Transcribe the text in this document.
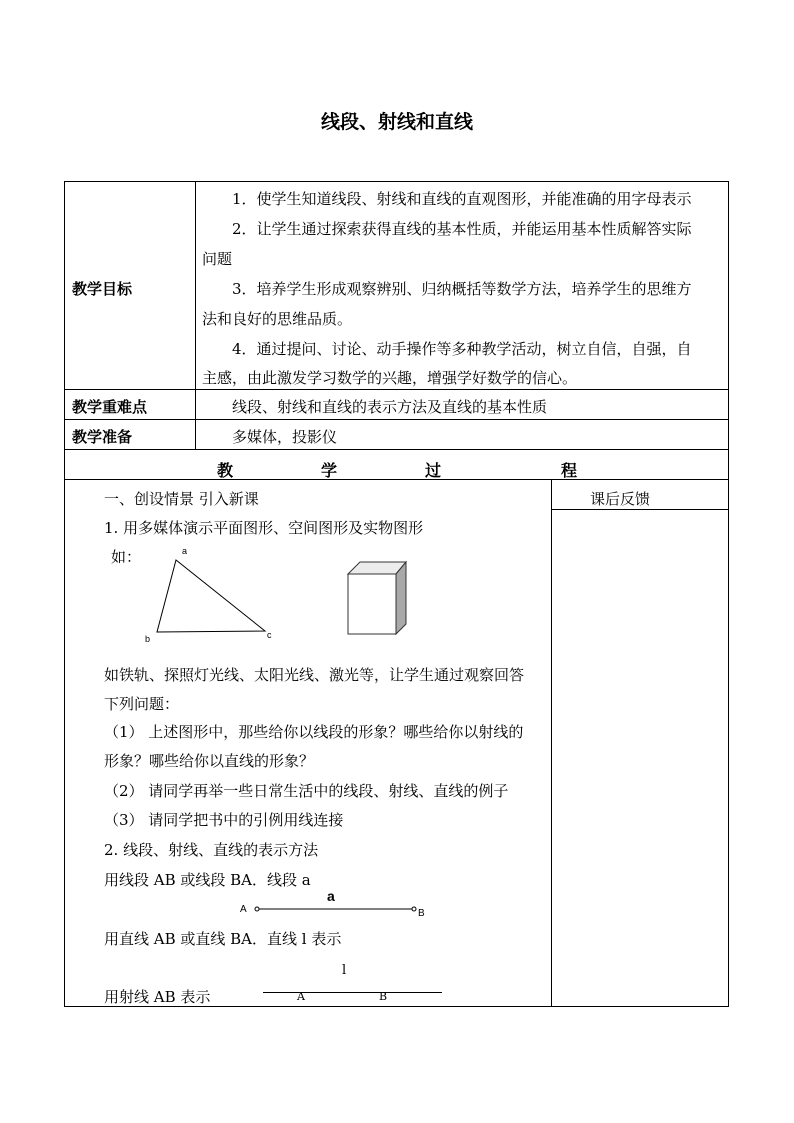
线段、射线和直线
教学目标
1．使学生知道线段、射线和直线的直观图形，并能准确的用字母表示
2．让学生通过探索获得直线的基本性质，并能运用基本性质解答实际
问题
3．培养学生形成观察辨别、归纳概括等数学方法，培养学生的思维方
法和良好的思维品质。
4．通过提问、讨论、动手操作等多种教学活动，树立自信，自强，自
主感，由此激发学习数学的兴趣，增强学好数学的信心。
教学重难点	线段、射线和直线的表示方法及直线的基本性质
教学准备	多媒体，投影仪
教	学	过	程
课后反馈
一、创设情景 引入新课
1. 用多媒体演示平面图形、空间图形及实物图形
如：	a
b	c
如铁轨、探照灯光线、太阳光线、激光等，让学生通过观察回答
下列问题：
（1） 上述图形中，那些给你以线段的形象？哪些给你以射线的
形象？哪些给你以直线的形象？
（2） 请同学再举一些日常生活中的线段、射线、直线的例子
（3） 请同学把书中的引例用线连接
2. 线段、射线、直线的表示方法
用线段 AB 或线段 BA．线段 a
a
A	B
用直线 AB 或直线 BA．直线 l 表示
l
用射线 AB 表示	A	B
